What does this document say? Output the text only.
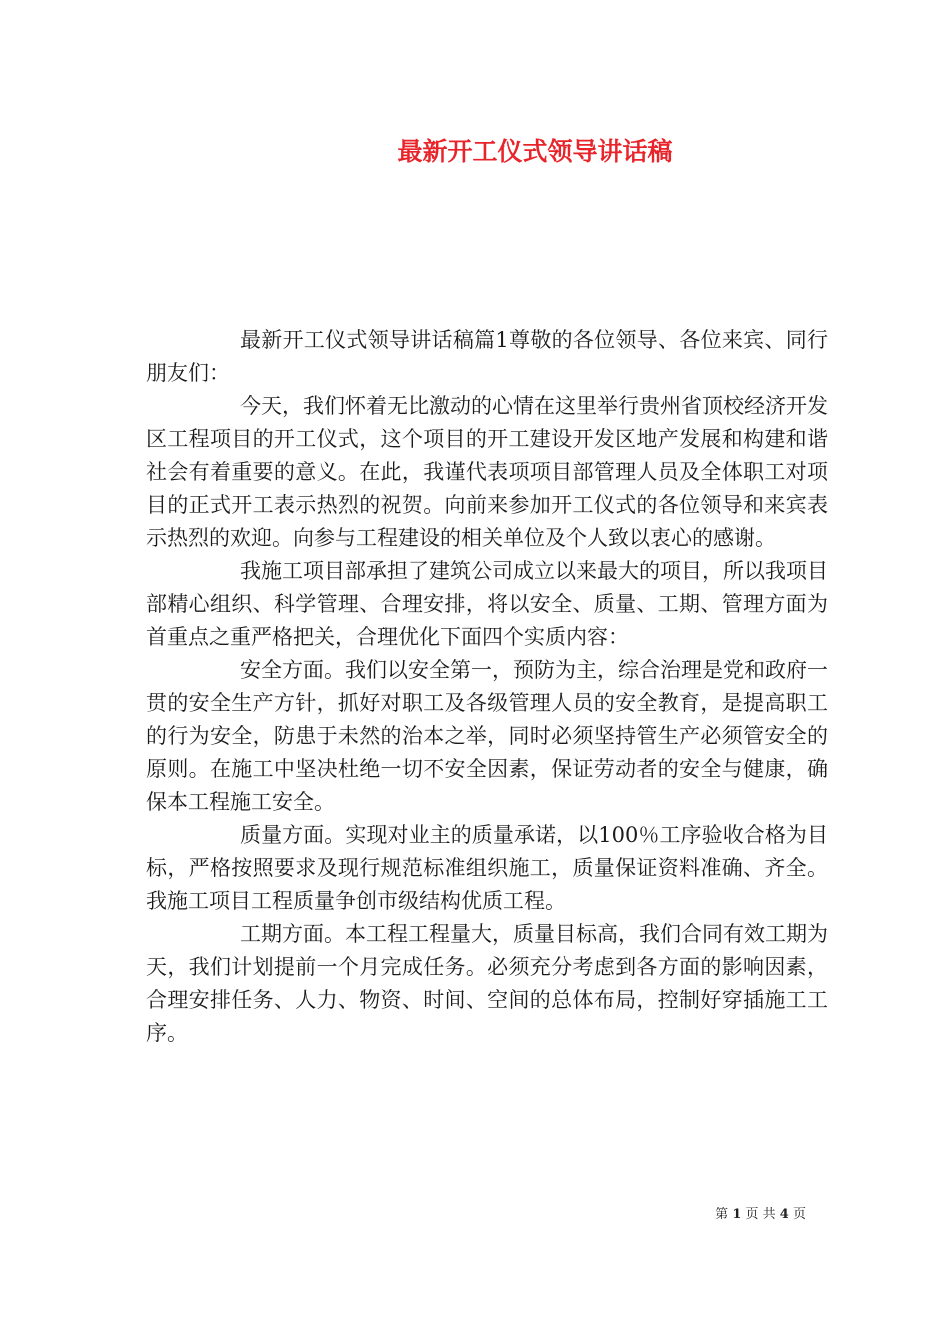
最新开工仪式领导讲话稿

最新开工仪式领导讲话稿篇1尊敬的各位领导、各位来宾、同行朋友们：

今天，我们怀着无比激动的心情在这里举行贵州省顶校经济开发区工程项目的开工仪式，这个项目的开工建设开发区地产发展和构建和谐社会有着重要的意义。在此，我谨代表项项目部管理人员及全体职工对项目的正式开工表示热烈的祝贺。向前来参加开工仪式的各位领导和来宾表示热烈的欢迎。向参与工程建设的相关单位及个人致以衷心的感谢。

我施工项目部承担了建筑公司成立以来最大的项目，所以我项目部精心组织、科学管理、合理安排，将以安全、质量、工期、管理方面为首重点之重严格把关，合理优化下面四个实质内容：

安全方面。我们以安全第一，预防为主，综合治理是党和政府一贯的安全生产方针，抓好对职工及各级管理人员的安全教育，是提高职工的行为安全，防患于未然的治本之举，同时必须坚持管生产必须管安全的原则。在施工中坚决杜绝一切不安全因素，保证劳动者的安全与健康，确保本工程施工安全。

质量方面。实现对业主的质量承诺，以100％工序验收合格为目标，严格按照要求及现行规范标准组织施工，质量保证资料准确、齐全。我施工项目工程质量争创市级结构优质工程。

工期方面。本工程工程量大，质量目标高，我们合同有效工期为天，我们计划提前一个月完成任务。必须充分考虑到各方面的影响因素，合理安排任务、人力、物资、时间、空间的总体布局，控制好穿插施工工序。

第 1 页 共 4 页
